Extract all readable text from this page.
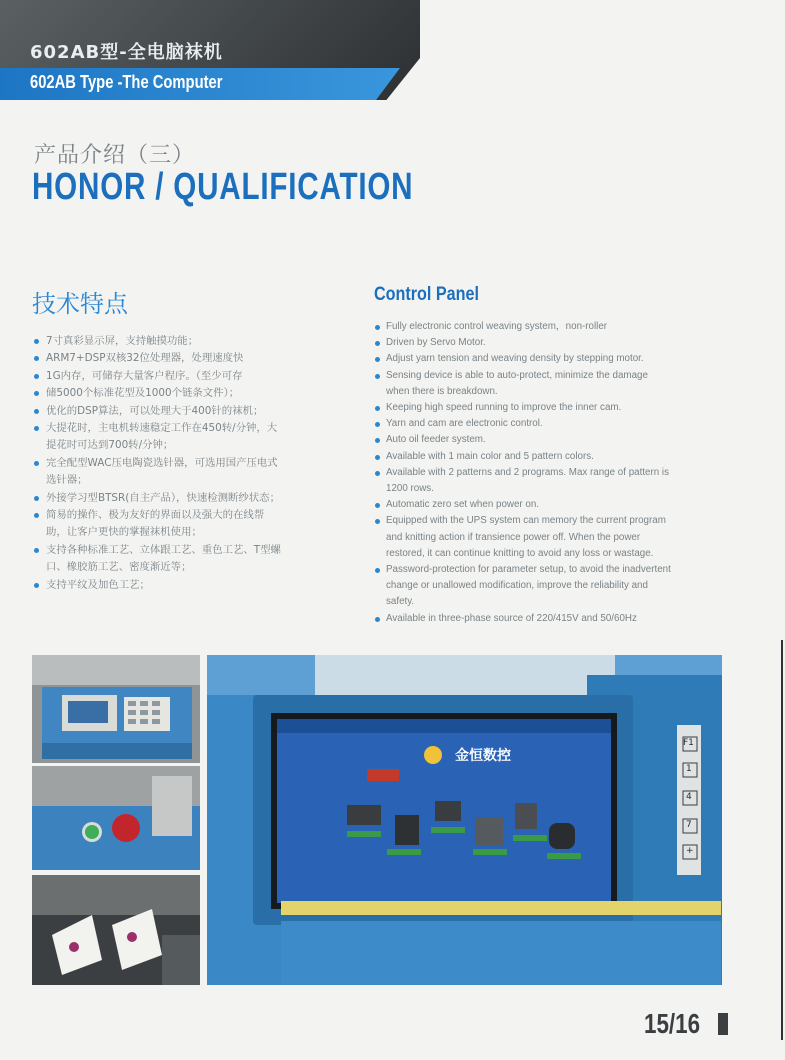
602AB型-全电脑袜机
602AB Type -The Computer
产品介绍（三）
HONOR / QUALIFICATION
技术特点
7寸真彩显示屏，支持触摸功能；
ARM7+DSP双核32位处理器，处理速度快
1G内存，可储存大量客户程序。（至少可存
储5000个标准花型及1000个链条文件）；
优化的DSP算法，可以处理大于400针的袜机；
大提花时，主电机转速稳定工作在450转/分钟，大提花时可达到700转/分钟；
完全配型WAC压电陶瓷选针器，可选用国产压电式选针器；
外接学习型BTSR(自主产品），快速检测断纱状态；
简易的操作、极为友好的界面以及强大的在线帮助，让客户更快的掌握袜机使用；
支持各种标准工艺、立体跟工艺、重色工艺、T型螺口、橡胶筋工艺、密度渐近等；
支持平纹及加色工艺；
Control Panel
Fully electronic control weaving system，non-roller
Driven by Servo Motor.
Adjust yarn tension and weaving density by stepping motor.
Sensing device is able to auto-protect, minimize the damage when there is breakdown.
Keeping high speed running to improve the inner cam.
Yarn and cam are electronic control.
Auto oil feeder system.
Available with 1 main color and 5 pattern colors.
Available with 2 patterns and 2 programs. Max range of pattern is 1200 rows.
Automatic zero set when power on.
Equipped with the UPS system can memory the current program and knitting action if transience power off. When the power restored, it can continue knitting to avoid any loss or wastage.
Password-protection for parameter setup, to avoid the inadvertent change or unallowed modification, improve the reliability and safety.
Available in three-phase source of 220/415V and 50/60Hz
金恒数控
F1
1
4
7
+
15/16
